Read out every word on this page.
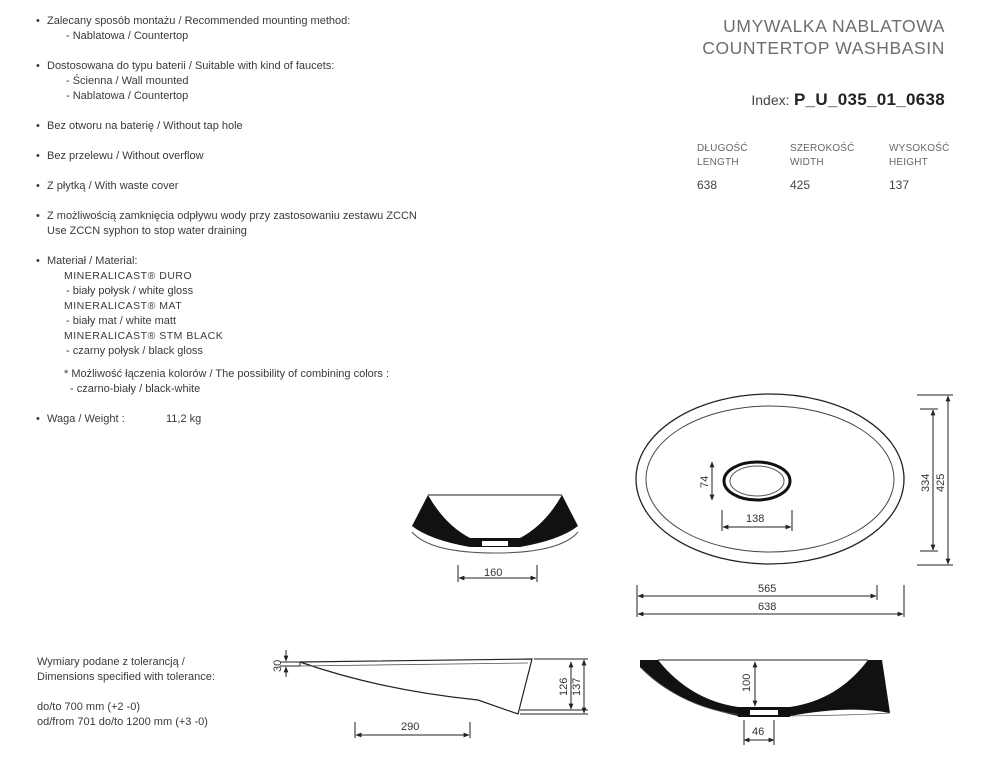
• Zalecany sposób montażu / Recommended mounting method:
- Nablatowa / Countertop
• Dostosowana do typu baterii / Suitable with kind of faucets:
- Ścienna / Wall mounted
- Nablatowa / Countertop
• Bez otworu na baterię / Without tap hole
• Bez przelewu / Without overflow
• Z płytką / With waste cover
• Z możliwością zamknięcia odpływu wody przy zastosowaniu zestawu ZCCN
Use ZCCN syphon to stop water draining
• Materiał / Material:
MINERALICAST® DURO
- biały połysk / white gloss
MINERALICAST® MAT
- biały mat / white matt
MINERALICAST® STM BLACK
- czarny połysk / black gloss
* Możliwość łączenia kolorów / The possibility of combining colors :
- czarno-biały / black-white
• Waga / Weight :	11,2 kg
UMYWALKA NABLATOWA
COUNTERTOP WASHBASIN
Index: P_U_035_01_0638
DŁUGOŚĆ
LENGTH
638
SZEROKOŚĆ
WIDTH
425
WYSOKOŚĆ
HEIGHT
137
Wymiary podane z tolerancją /
Dimensions specified with tolerance:
do/to 700 mm (+2 -0)
od/from 701 do/to 1200 mm (+3 -0)
160
74
138
565
638
334 425
30
126 137
290
100
46
